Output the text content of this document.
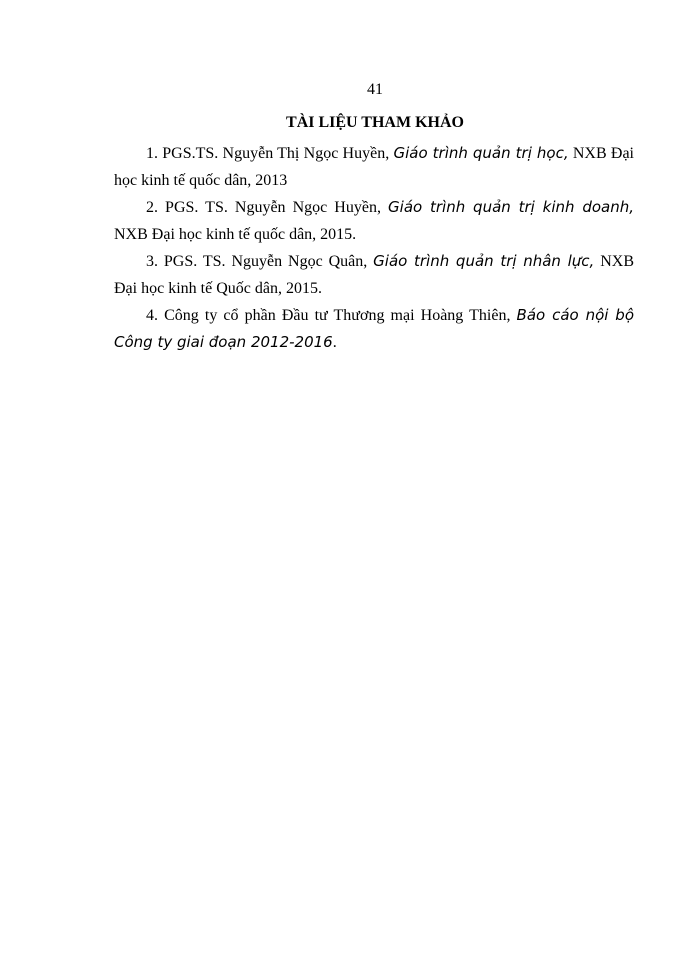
41
TÀI LIỆU THAM KHẢO

1. PGS.TS. Nguyễn Thị Ngọc Huyền, Giáo trình quản trị học, NXB Đại học kinh tế quốc dân, 2013

2. PGS. TS. Nguyễn Ngọc Huyền, Giáo trình quản trị kinh doanh, NXB Đại học kinh tế quốc dân, 2015.

3. PGS. TS. Nguyễn Ngọc Quân, Giáo trình quản trị nhân lực, NXB Đại học kinh tế Quốc dân, 2015.

4. Công ty cổ phần Đầu tư Thương mại Hoàng Thiên, Báo cáo nội bộ Công ty giai đoạn 2012-2016.
